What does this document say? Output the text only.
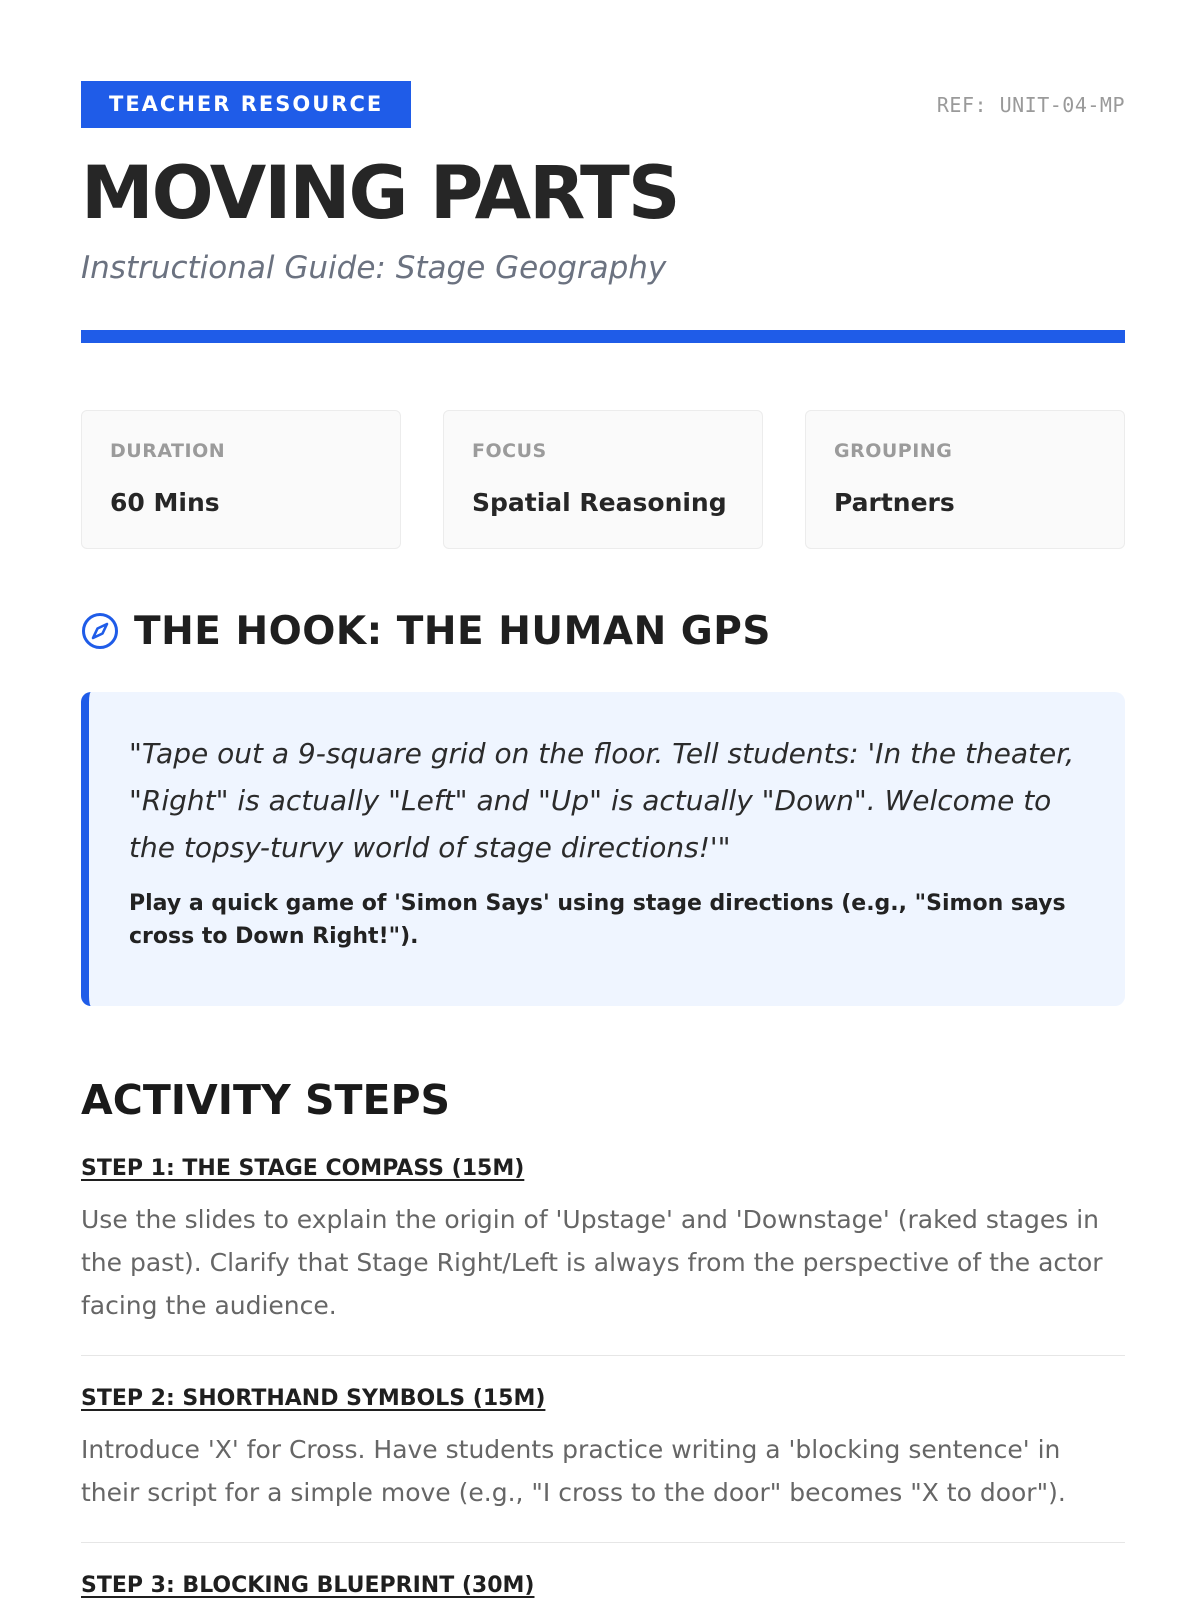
TEACHER RESOURCE	REF: UNIT-04-MP
MOVING PARTS
Instructional Guide: Stage Geography
DURATION
60 Mins
FOCUS
Spatial Reasoning
GROUPING
Partners
THE HOOK: THE HUMAN GPS
"Tape out a 9-square grid on the floor. Tell students: 'In the theater, "Right" is actually "Left" and "Up" is actually "Down". Welcome to the topsy-turvy world of stage directions!'"
Play a quick game of 'Simon Says' using stage directions (e.g., "Simon says cross to Down Right!").
ACTIVITY STEPS
STEP 1: THE STAGE COMPASS (15M)
Use the slides to explain the origin of 'Upstage' and 'Downstage' (raked stages in the past). Clarify that Stage Right/Left is always from the perspective of the actor facing the audience.
STEP 2: SHORTHAND SYMBOLS (15M)
Introduce 'X' for Cross. Have students practice writing a 'blocking sentence' in their script for a simple move (e.g., "I cross to the door" becomes "X to door").
STEP 3: BLOCKING BLUEPRINT (30M)
